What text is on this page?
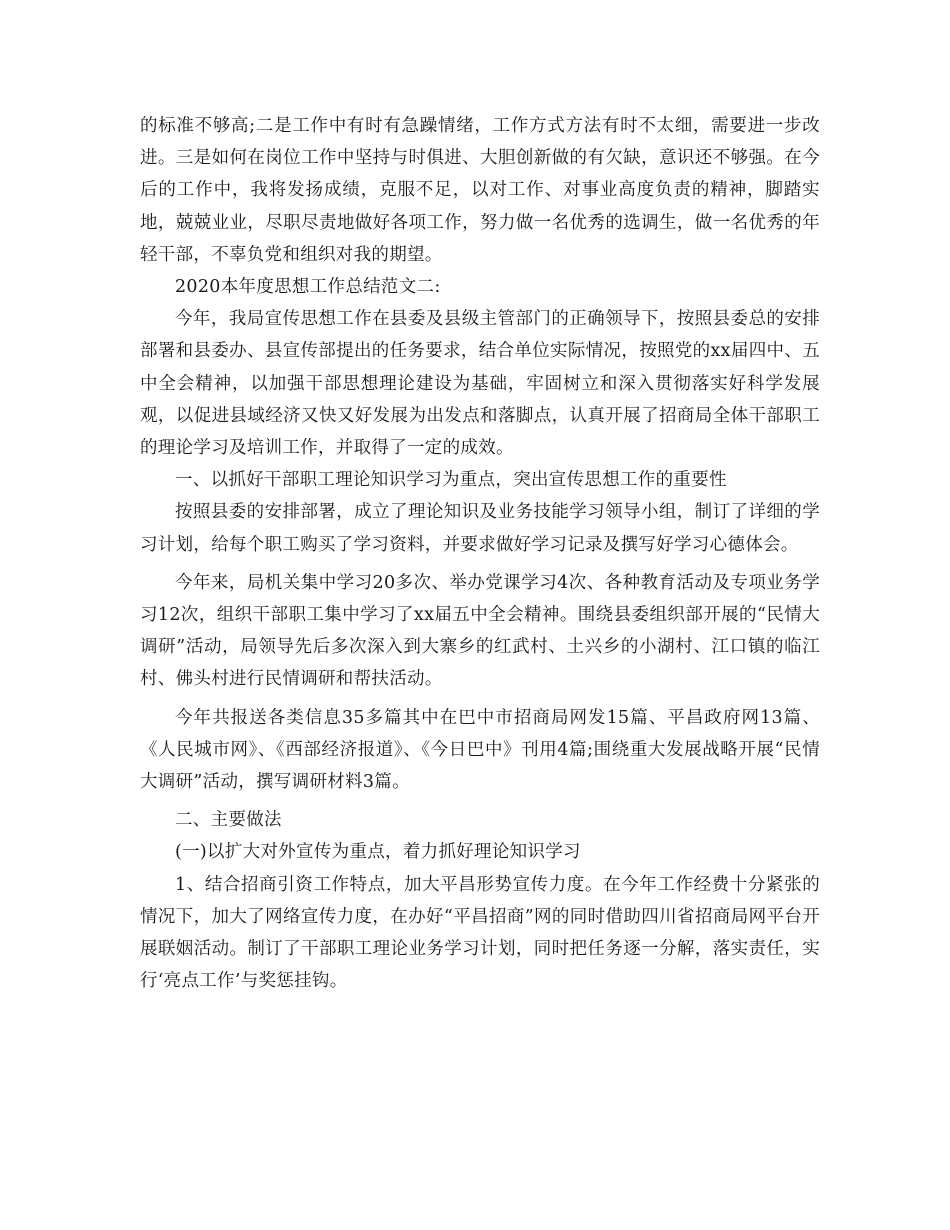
的标准不够高;二是工作中有时有急躁情绪，工作方式方法有时不太细，需要进一步改进。三是如何在岗位工作中坚持与时俱进、大胆创新做的有欠缺，意识还不够强。在今后的工作中，我将发扬成绩，克服不足，以对工作、对事业高度负责的精神，脚踏实地，兢兢业业，尽职尽责地做好各项工作，努力做一名优秀的选调生，做一名优秀的年轻干部，不辜负党和组织对我的期望。

2020本年度思想工作总结范文二:

今年，我局宣传思想工作在县委及县级主管部门的正确领导下，按照县委总的安排部署和县委办、县宣传部提出的任务要求，结合单位实际情况，按照党的xx届四中、五中全会精神，以加强干部思想理论建设为基础，牢固树立和深入贯彻落实好科学发展观，以促进县域经济又快又好发展为出发点和落脚点，认真开展了招商局全体干部职工的理论学习及培训工作，并取得了一定的成效。

一、以抓好干部职工理论知识学习为重点，突出宣传思想工作的重要性

按照县委的安排部署，成立了理论知识及业务技能学习领导小组，制订了详细的学习计划，给每个职工购买了学习资料，并要求做好学习记录及撰写好学习心德体会。

今年来，局机关集中学习20多次、举办党课学习4次、各种教育活动及专项业务学习12次，组织干部职工集中学习了xx届五中全会精神。围绕县委组织部开展的“民情大调研”活动，局领导先后多次深入到大寨乡的红武村、土兴乡的小湖村、江口镇的临江村、佛头村进行民情调研和帮扶活动。

今年共报送各类信息35多篇其中在巴中市招商局网发15篇、平昌政府网13篇、《人民城市网》、《西部经济报道》、《今日巴中》刊用4篇;围绕重大发展战略开展“民情大调研”活动，撰写调研材料3篇。

二、主要做法

(一)以扩大对外宣传为重点，着力抓好理论知识学习

1、结合招商引资工作特点，加大平昌形势宣传力度。在今年工作经费十分紧张的情况下，加大了网络宣传力度，在办好“平昌招商”网的同时借助四川省招商局网平台开展联姻活动。制订了干部职工理论业务学习计划，同时把任务逐一分解，落实责任，实行‘亮点工作’与奖惩挂钩。
